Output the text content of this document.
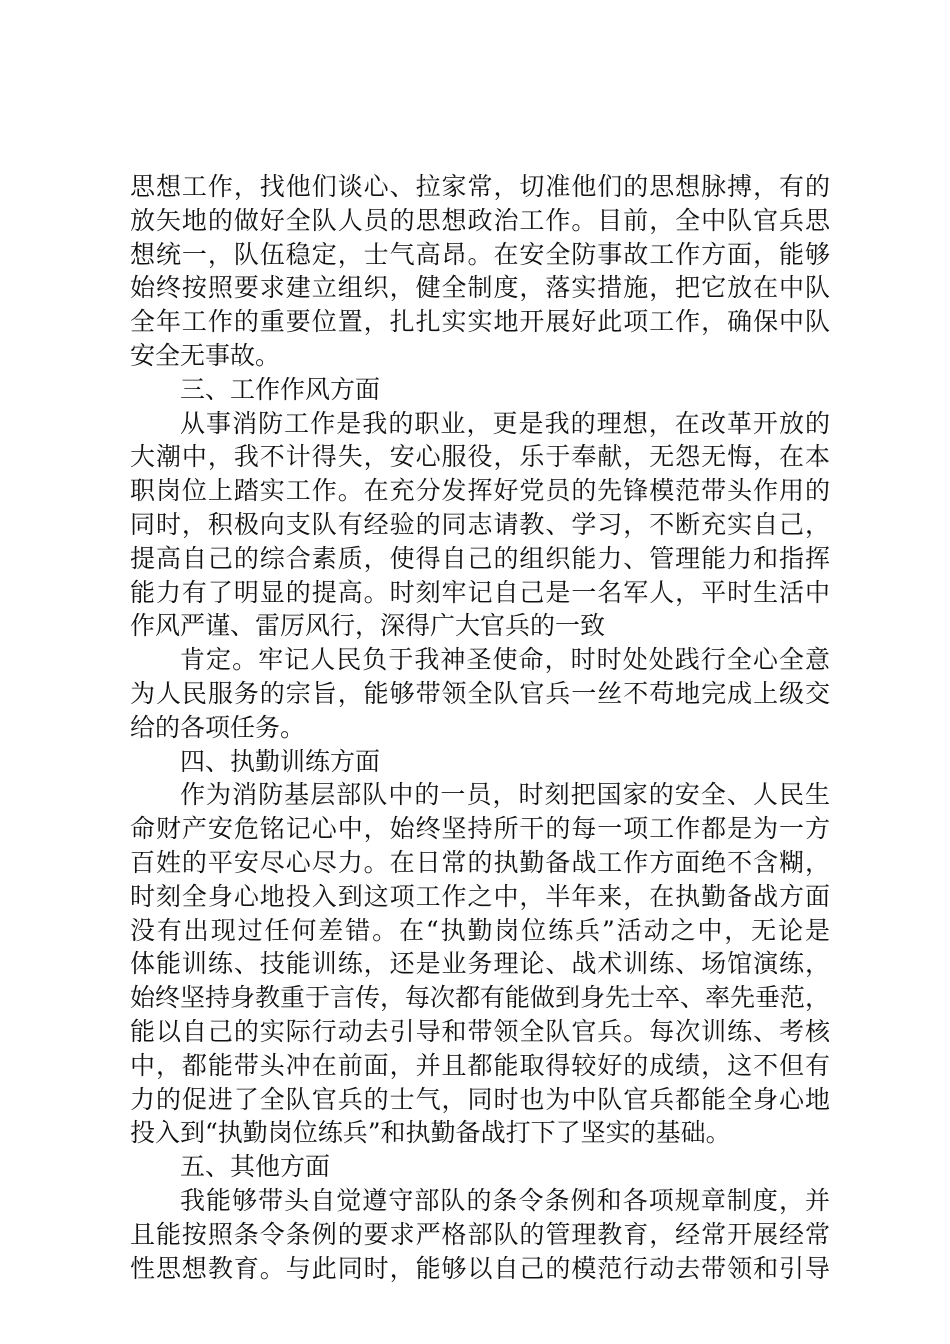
思想工作，找他们谈心、拉家常，切准他们的思想脉搏，有的
放矢地的做好全队人员的思想政治工作。目前，全中队官兵思
想统一，队伍稳定，士气高昂。在安全防事故工作方面，能够
始终按照要求建立组织，健全制度，落实措施，把它放在中队
全年工作的重要位置，扎扎实实地开展好此项工作，确保中队
安全无事故。
三、工作作风方面
从事消防工作是我的职业，更是我的理想，在改革开放的
大潮中，我不计得失，安心服役，乐于奉献，无怨无悔，在本
职岗位上踏实工作。在充分发挥好党员的先锋模范带头作用的
同时，积极向支队有经验的同志请教、学习，不断充实自己，
提高自己的综合素质，使得自己的组织能力、管理能力和指挥
能力有了明显的提高。时刻牢记自己是一名军人，平时生活中
作风严谨、雷厉风行，深得广大官兵的一致
肯定。牢记人民负于我神圣使命，时时处处践行全心全意
为人民服务的宗旨，能够带领全队官兵一丝不苟地完成上级交
给的各项任务。
四、执勤训练方面
作为消防基层部队中的一员，时刻把国家的安全、人民生
命财产安危铭记心中，始终坚持所干的每一项工作都是为一方
百姓的平安尽心尽力。在日常的执勤备战工作方面绝不含糊，
时刻全身心地投入到这项工作之中，半年来，在执勤备战方面
没有出现过任何差错。在“执勤岗位练兵”活动之中，无论是
体能训练、技能训练，还是业务理论、战术训练、场馆演练，
始终坚持身教重于言传，每次都有能做到身先士卒、率先垂范，
能以自己的实际行动去引导和带领全队官兵。每次训练、考核
中，都能带头冲在前面，并且都能取得较好的成绩，这不但有
力的促进了全队官兵的士气，同时也为中队官兵都能全身心地
投入到“执勤岗位练兵”和执勤备战打下了坚实的基础。
五、其他方面
我能够带头自觉遵守部队的条令条例和各项规章制度，并
且能按照条令条例的要求严格部队的管理教育，经常开展经常
性思想教育。与此同时，能够以自己的模范行动去带领和引导
